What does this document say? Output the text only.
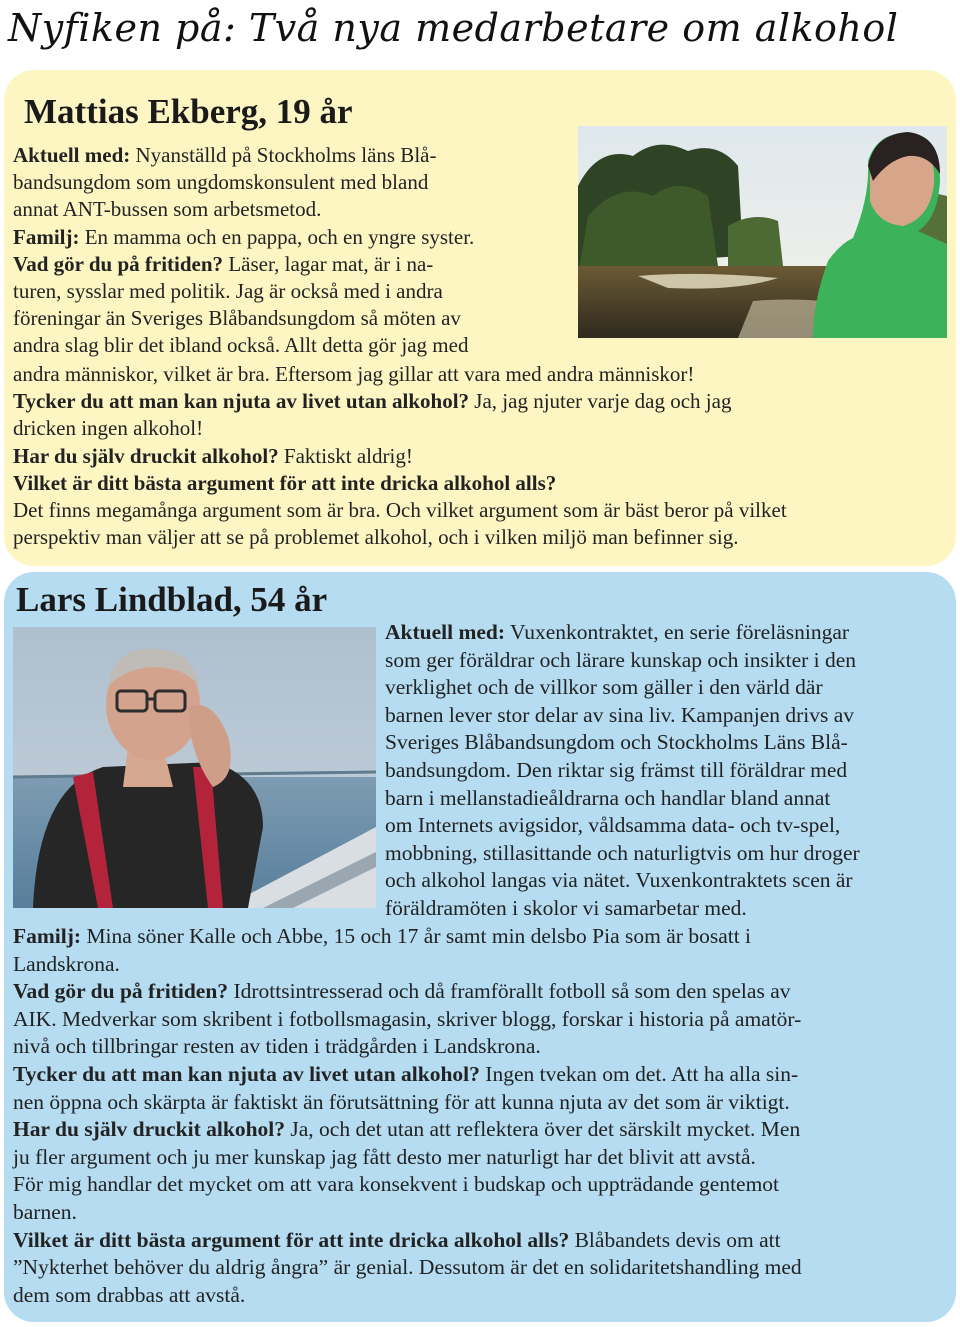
Nyfiken på: Två nya medarbetare om alkohol
Mattias Ekberg, 19 år
Aktuell med: Nyanställd på Stockholms läns Blå-
bandsungdom som ungdomskonsulent med bland
annat ANT-bussen som arbetsmetod.
Familj: En mamma och en pappa, och en yngre syster.
Vad gör du på fritiden? Läser, lagar mat, är i na-
turen, sysslar med politik. Jag är också med i andra
föreningar än Sveriges Blåbandsungdom så möten av
andra slag blir det ibland också. Allt detta gör jag med
andra människor, vilket är bra. Eftersom jag gillar att vara med andra människor!
Tycker du att man kan njuta av livet utan alkohol? Ja, jag njuter varje dag och jag
dricken ingen alkohol!
Har du själv druckit alkohol? Faktiskt aldrig!
Vilket är ditt bästa argument för att inte dricka alkohol alls?
Det finns megamånga argument som är bra. Och vilket argument som är bäst beror på vilket
perspektiv man väljer att se på problemet alkohol, och i vilken miljö man befinner sig.
Lars Lindblad, 54 år
Aktuell med: Vuxenkontraktet, en serie föreläsningar
som ger föräldrar och lärare kunskap och insikter i den
verklighet och de villkor som gäller i den värld där
barnen lever stor delar av sina liv. Kampanjen drivs av
Sveriges Blåbandsungdom och Stockholms Läns Blå-
bandsungdom. Den riktar sig främst till föräldrar med
barn i mellanstadieåldrarna och handlar bland annat
om Internets avigsidor, våldsamma data- och tv-spel,
mobbning, stillasittande och naturligtvis om hur droger
och alkohol langas via nätet. Vuxenkontraktets scen är
föräldramöten i skolor vi samarbetar med.
Familj: Mina söner Kalle och Abbe, 15 och 17 år samt min delsbo Pia som är bosatt i
Landskrona.
Vad gör du på fritiden? Idrottsintresserad och då framförallt fotboll så som den spelas av
AIK. Medverkar som skribent i fotbollsmagasin, skriver blogg, forskar i historia på amatör-
nivå och tillbringar resten av tiden i trädgården i Landskrona.
Tycker du att man kan njuta av livet utan alkohol? Ingen tvekan om det. Att ha alla sin-
nen öppna och skärpta är faktiskt än förutsättning för att kunna njuta av det som är viktigt.
Har du själv druckit alkohol? Ja, och det utan att reflektera över det särskilt mycket. Men
ju fler argument och ju mer kunskap jag fått desto mer naturligt har det blivit att avstå.
För mig handlar det mycket om att vara konsekvent i budskap och uppträdande gentemot
barnen.
Vilket är ditt bästa argument för att inte dricka alkohol alls? Blåbandets devis om att
”Nykterhet behöver du aldrig ångra” är genial. Dessutom är det en solidaritetshandling med
dem som drabbas att avstå.
